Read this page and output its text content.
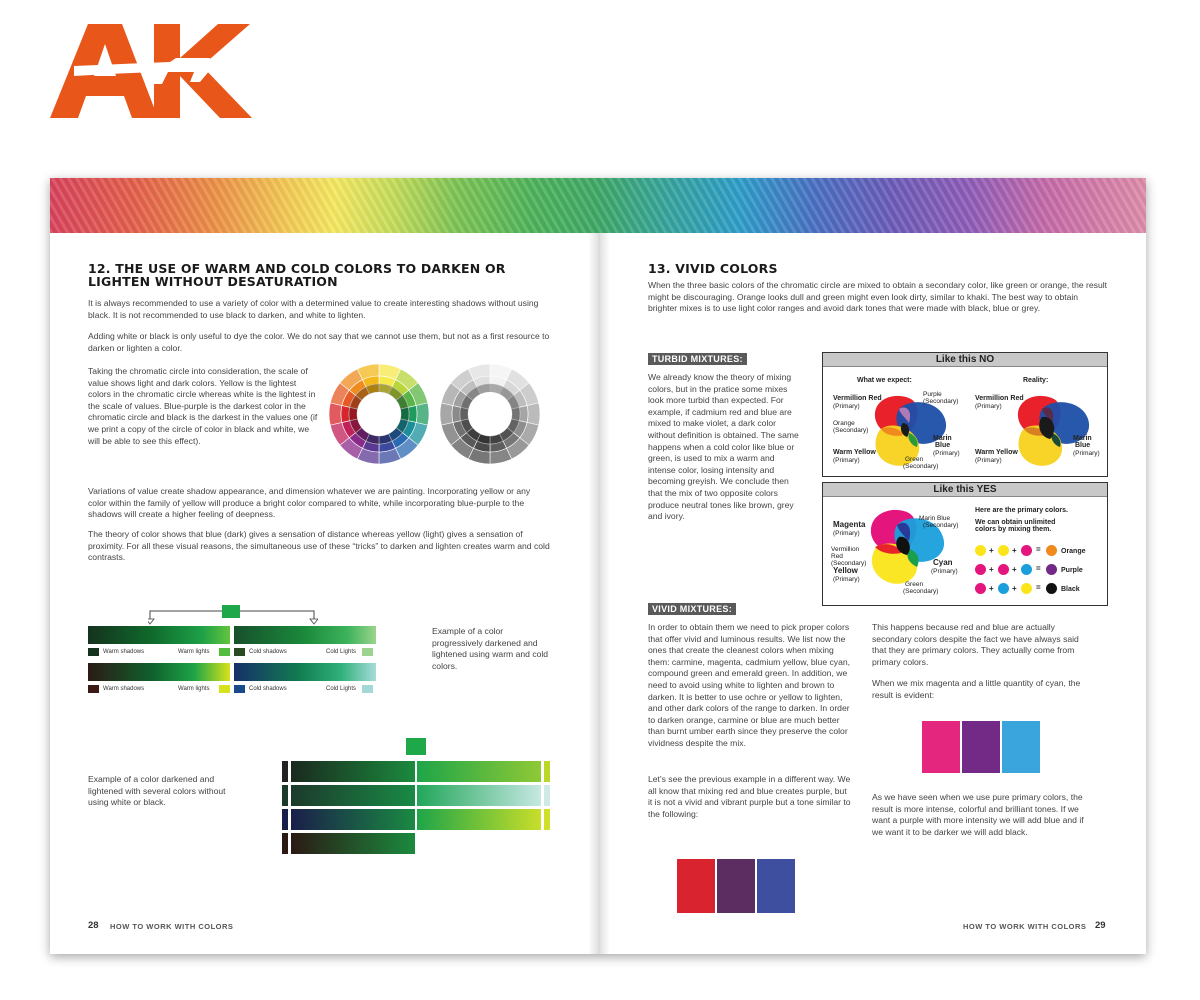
12. THE USE OF WARM AND COLD COLORS TO DARKEN OR LIGHTEN WITHOUT DESATURATION
It is always recommended to use a variety of color with a determined value to create interesting shadows without using black. It is not recommended to use black to darken, and white to lighten.
Adding white or black is only useful to dye the color. We do not say that we cannot use them, but not as a first resource to darken or lighten a color.
Taking the chromatic circle into consideration, the scale of value shows light and dark colors. Yellow is the lightest colors in the chromatic circle whereas white is the lightest in the scale of values. Blue-purple is the darkest color in the chromatic circle and black is the darkest in the values one (if we print a copy of the circle of color in black and white, we will be able to see this effect).
Variations of value create shadow appearance, and dimension whatever we are painting. Incorporating yellow or any color within the family of yellow will produce a bright color compared to white, while incorporating blue-purple to the shadows will create a higher feeling of deepness.
The theory of color shows that blue (dark) gives a sensation of distance whereas yellow (light) gives a sensation of proximity. For all these visual reasons, the simultaneous use of these “tricks” to darken and lighten creates warm and cold contrasts.
Warm shadows	Warm lights	Cold shadows	Cold Lights
Warm shadows	Warm lights	Cold shadows	Cold Lights
Example of a color progressively darkened and lightened using warm and cold colors.
Example of a color darkened and lightened with several colors without using white or black.
28 HOW TO WORK WITH COLORS
13. VIVID COLORS
When the three basic colors of the chromatic circle are mixed to obtain a secondary color, like green or orange, the result might be discouraging. Orange looks dull and green might even look dirty, similar to khaki. The best way to obtain brighter mixes is to use light color ranges and avoid dark tones that were made with black, blue or grey.
TURBID MIXTURES:
We already know the theory of mixing colors, but in the pratice some mixes look more turbid than expected. For example, if cadmium red and blue are mixed to make violet, a dark color without definition is obtained. The same happens when a cold color like blue or green, is used to mix a warm and intense color, losing intensity and becoming greyish. We conclude then that the mix of two opposite colors produce neutral tones like brown, grey and ivory.
Like this NO
What we expect:	Reality:
Vermillion Red
(Primary)
Purple
(Secondary)
Orange
(Secondary)
Marin
Blue
(Primary)
Warm Yellow
(Primary)	Green
(Secondary)
Vermillion Red
(Primary)
Marin
Blue
(Primary)
Warm Yellow
(Primary)
Like this YES
Magenta
(Primary)
Marin Blue
(Secondary)
Vermillion
Red
(Secondary)
Yellow
(Primary)
Cyan
(Primary)
Green
(Secondary)
Here are the primary colors.
We can obtain unlimited colors by mixing them.
+ + =	Orange
+ + =	Purple
+ + =	Black
VIVID MIXTURES:
In order to obtain them we need to pick proper colors that offer vivid and luminous results. We list now the ones that create the cleanest colors when mixing them: carmine, magenta, cadmium yellow, blue cyan, compound green and emerald green. In addition, we need to avoid using white to lighten and brown to darken. It is better to use ochre or yellow to lighten, and other dark colors of the range to darken. In order to darken orange, carmine or blue are much better than burnt umber earth since they preserve the color vividness despite the mix.
Let's see the previous example in a different way. We all know that mixing red and blue creates purple, but it is not a vivid and vibrant purple but a tone similar to the following:
This happens because red and blue are actually secondary colors despite the fact we have always said that they are primary colors. They actually come from primary colors.
When we mix magenta and a little quantity of cyan, the result is evident:
As we have seen when we use pure primary colors, the result is more intense, colorful and brilliant tones. If we want a purple with more intensity we will add blue and if we want it to be darker we will add black.
HOW TO WORK WITH COLORS 29
